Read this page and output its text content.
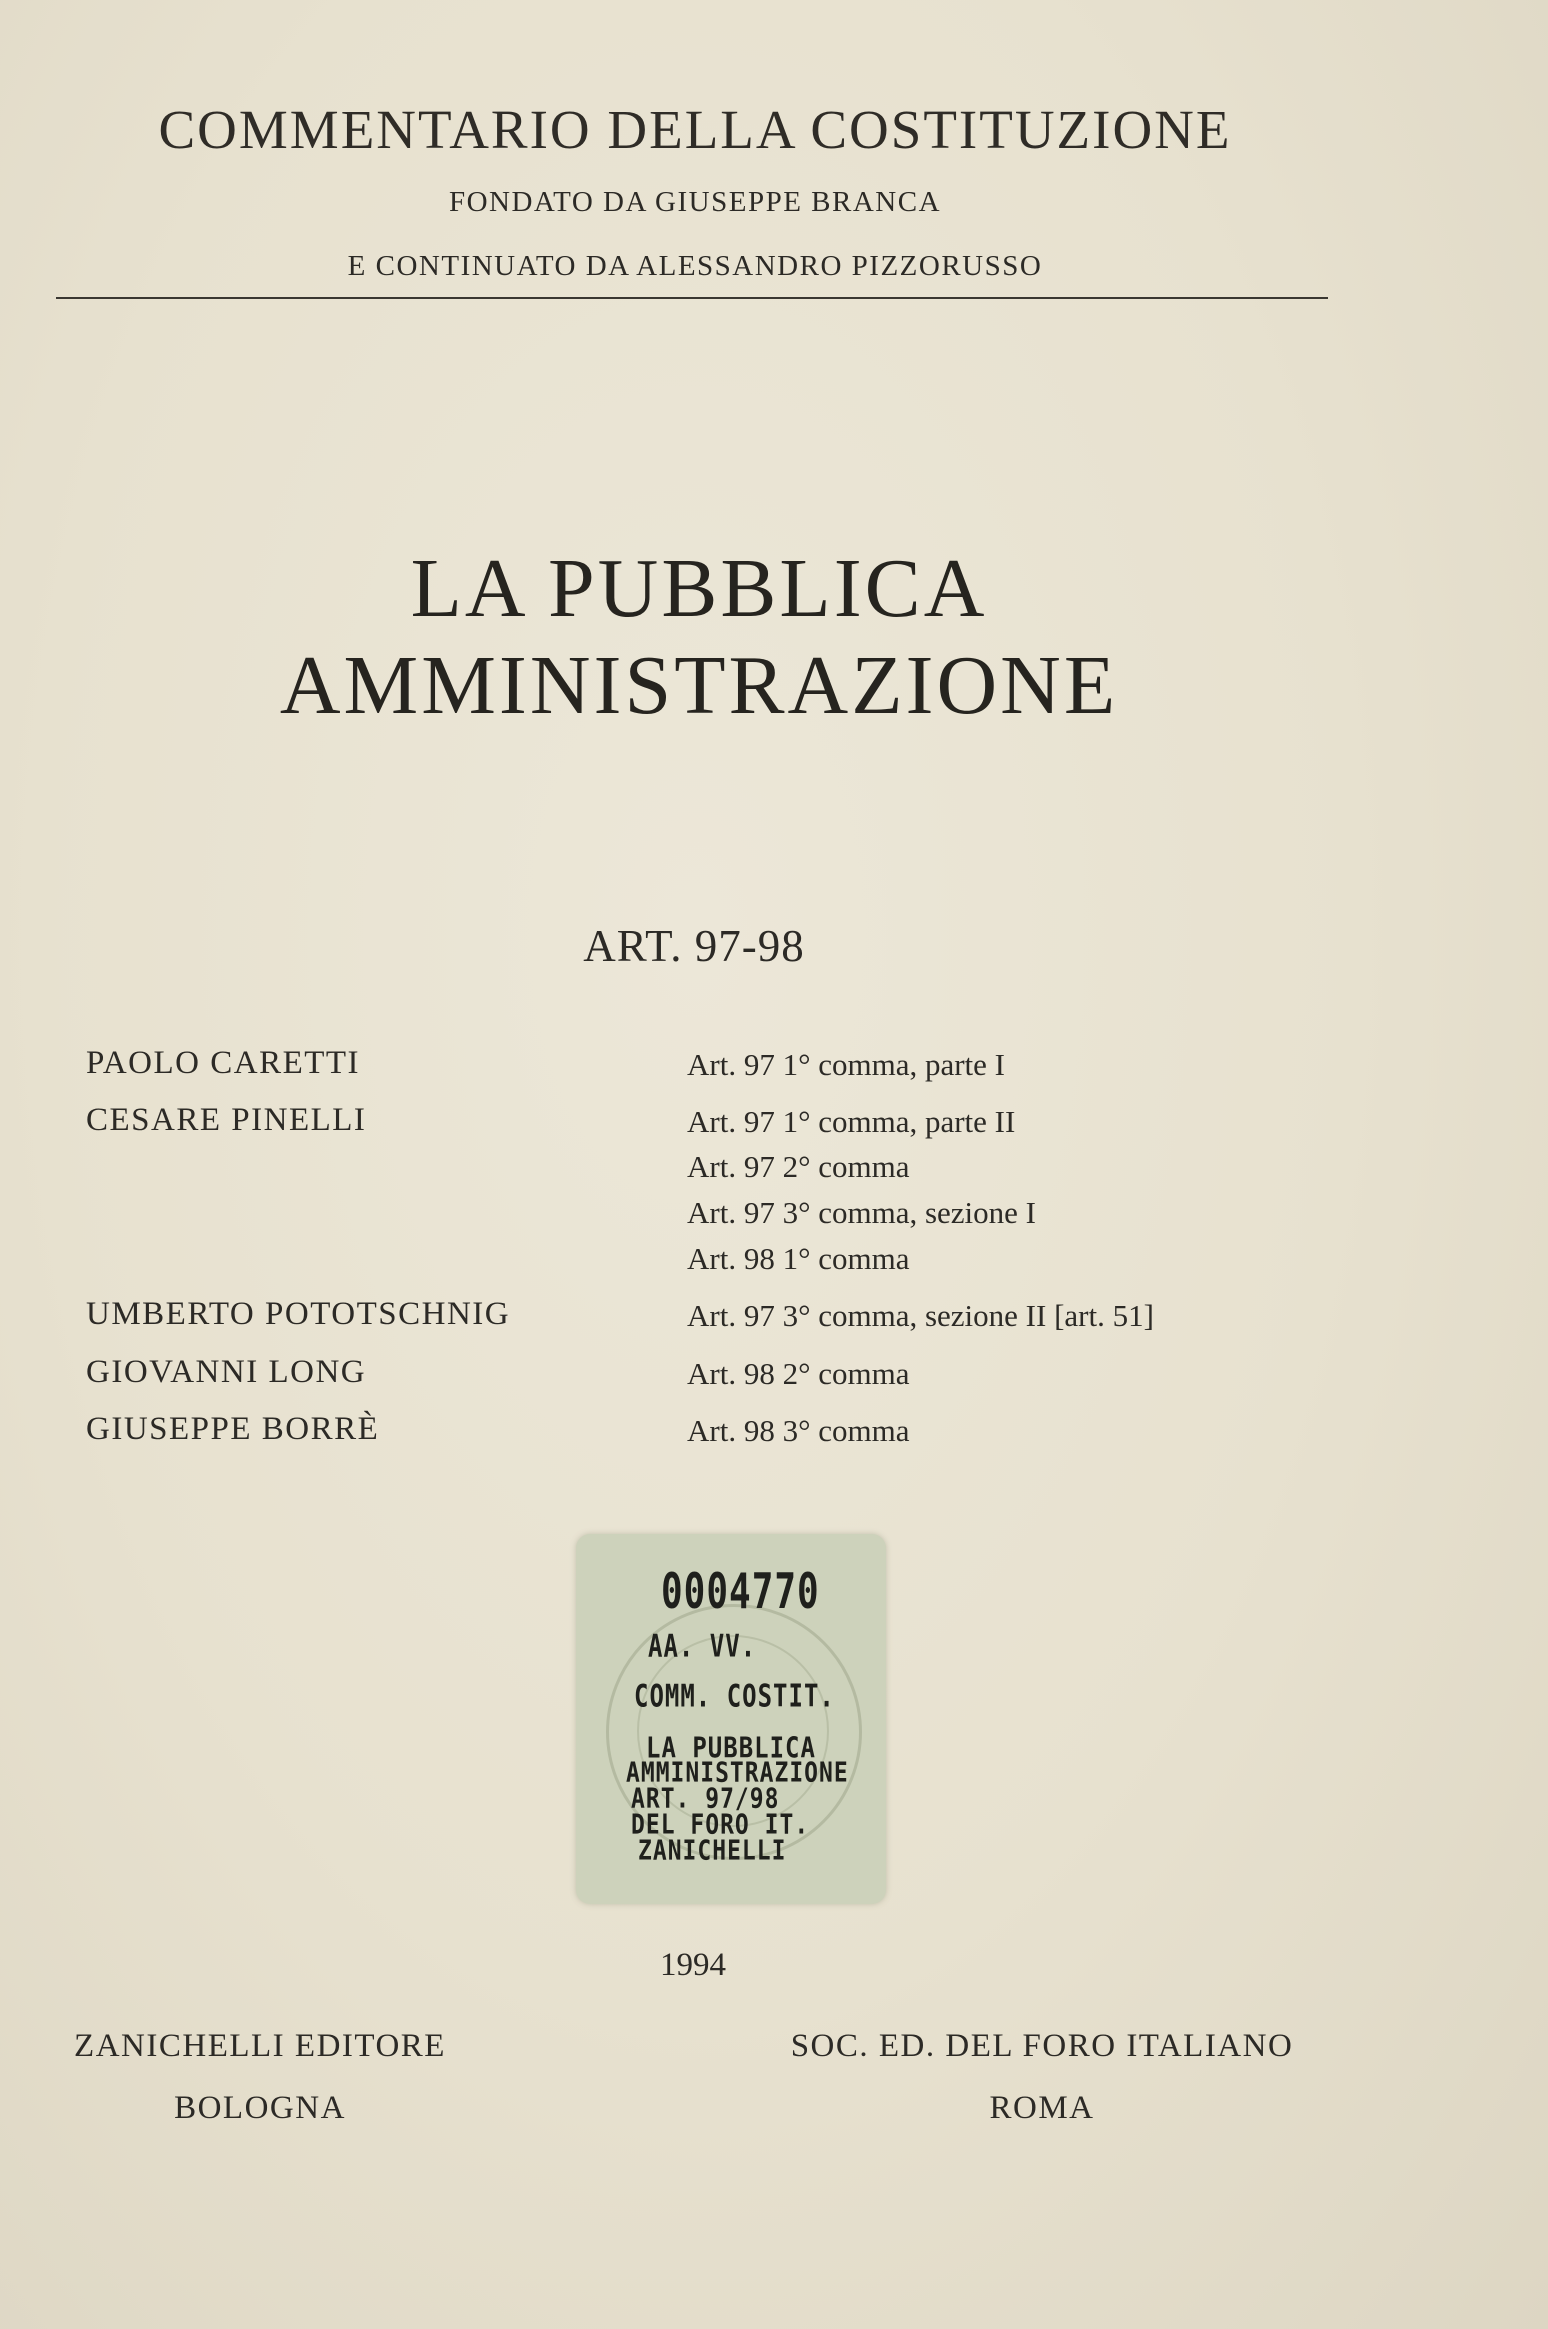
COMMENTARIO DELLA COSTITUZIONE
FONDATO DA GIUSEPPE BRANCA
E CONTINUATO DA ALESSANDRO PIZZORUSSO
LA PUBBLICA
AMMINISTRAZIONE
ART. 97-98
PAOLO CARETTI	Art. 97 1° comma, parte I
CESARE PINELLI	Art. 97 1° comma, parte II
Art. 97 2° comma
Art. 97 3° comma, sezione I
Art. 98 1° comma
UMBERTO POTOTSCHNIG	Art. 97 3° comma, sezione II [art. 51]
GIOVANNI LONG	Art. 98 2° comma
GIUSEPPE BORRÈ	Art. 98 3° comma
0004770
AA. VV.
COMM. COSTIT.
LA PUBBLICA
AMMINISTRAZIONE
ART. 97/98
DEL FORO IT.
ZANICHELLI
1994
ZANICHELLI EDITORE
BOLOGNA
SOC. ED. DEL FORO ITALIANO
ROMA
